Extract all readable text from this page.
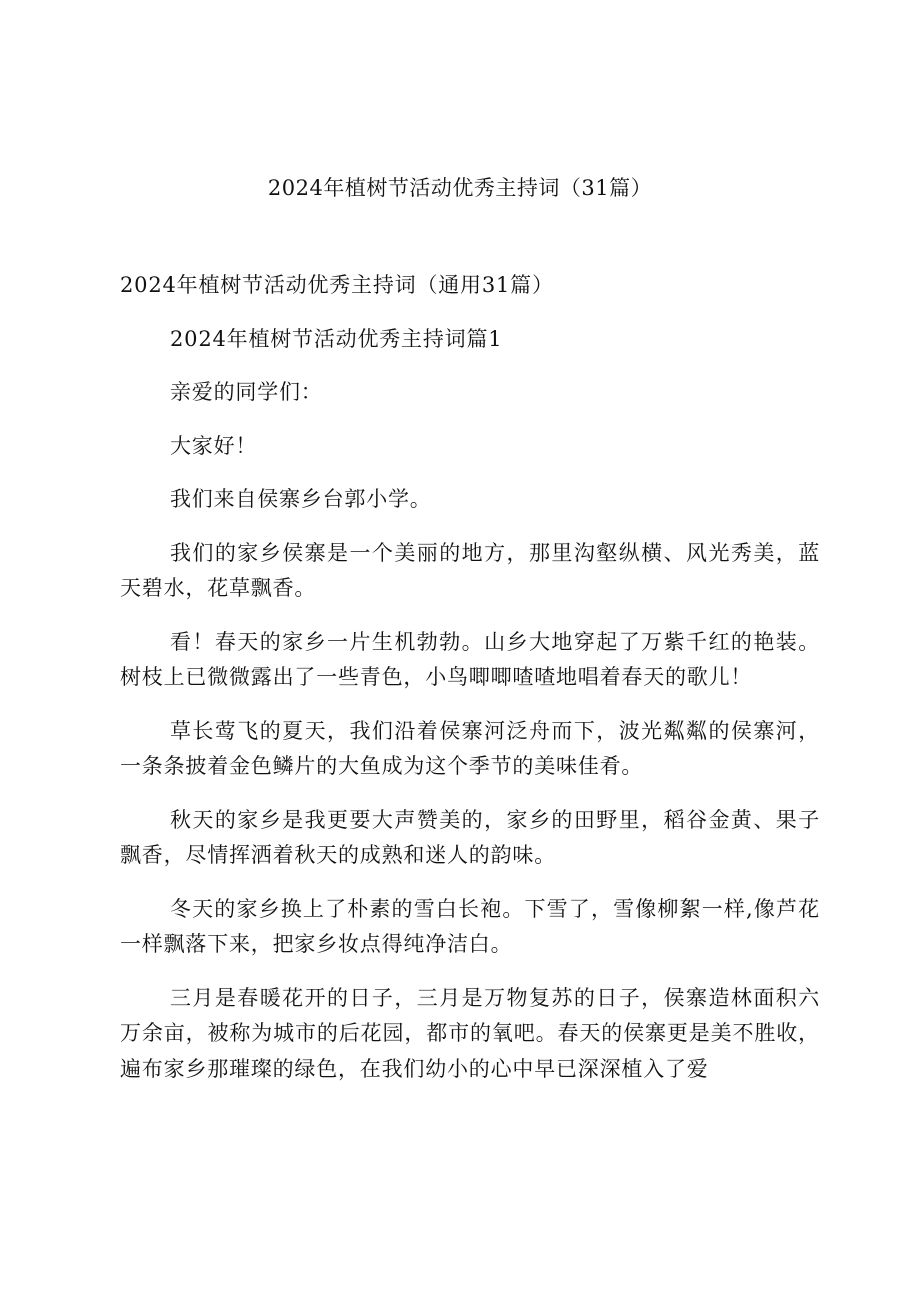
2024年植树节活动优秀主持词（31篇）

2024年植树节活动优秀主持词（通用31篇）

2024年植树节活动优秀主持词篇1

亲爱的同学们：

大家好！

我们来自侯寨乡台郭小学。

我们的家乡侯寨是一个美丽的地方，那里沟壑纵横、风光秀美，蓝天碧水，花草飘香。

看！春天的家乡一片生机勃勃。山乡大地穿起了万紫千红的艳装。树枝上已微微露出了一些青色，小鸟唧唧喳喳地唱着春天的歌儿！

草长莺飞的夏天，我们沿着侯寨河泛舟而下，波光粼粼的侯寨河，一条条披着金色鳞片的大鱼成为这个季节的美味佳肴。

秋天的家乡是我更要大声赞美的，家乡的田野里，稻谷金黄、果子飘香，尽情挥洒着秋天的成熟和迷人的韵味。

冬天的家乡换上了朴素的雪白长袍。下雪了，雪像柳絮一样,像芦花一样飘落下来，把家乡妆点得纯净洁白。

三月是春暖花开的日子，三月是万物复苏的日子，侯寨造林面积六万余亩，被称为城市的后花园，都市的氧吧。春天的侯寨更是美不胜收，遍布家乡那璀璨的绿色，在我们幼小的心中早已深深植入了爱
